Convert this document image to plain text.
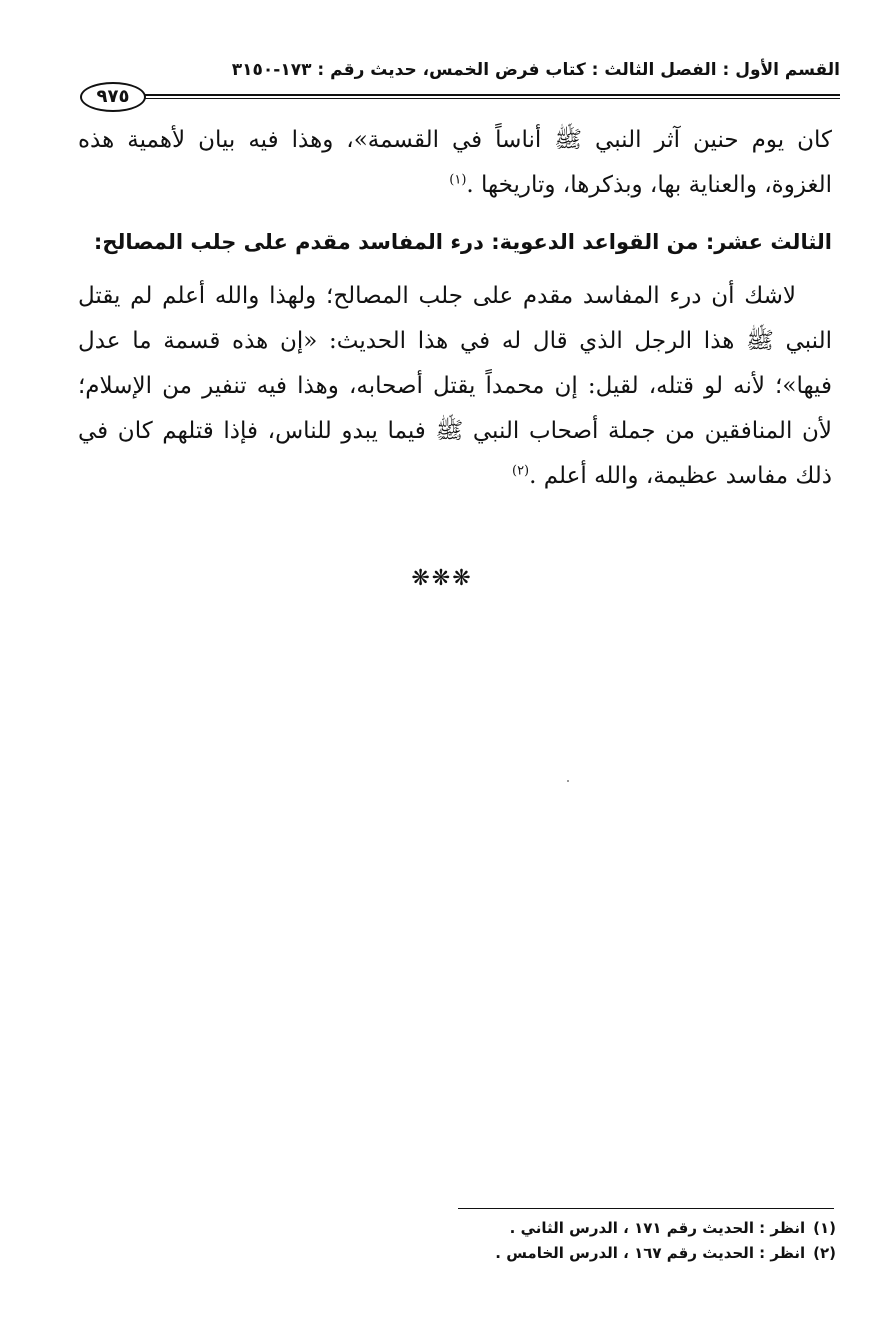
القسم الأول : الفصل الثالث : كتاب فرض الخمس، حديث رقم : ١٧٣-٣١٥٠
٩٧٥

كان يوم حنين آثر النبي ﷺ أناساً في القسمة»، وهذا فيه بيان لأهمية هذه الغزوة، والعناية بها، وبذكرها، وتاريخها .$^{(١)}$

الثالث عشر: من القواعد الدعوية: درء المفاسد مقدم على جلب المصالح:

لاشك أن درء المفاسد مقدم على جلب المصالح؛ ولهذا والله أعلم لم يقتل النبي ﷺ هذا الرجل الذي قال له في هذا الحديث: «إن هذه قسمة ما عدل فيها»؛ لأنه لو قتله، لقيل: إن محمداً يقتل أصحابه، وهذا فيه تنفير من الإسلام؛ لأن المنافقين من جملة أصحاب النبي ﷺ فيما يبدو للناس، فإذا قتلهم كان في ذلك مفاسد عظيمة، والله أعلم .$^{(٢)}$

❋❋❋
(١)انظر : الحديث رقم ١٧١ ، الدرس الثاني .
(٢)انظر : الحديث رقم ١٦٧ ، الدرس الخامس .
